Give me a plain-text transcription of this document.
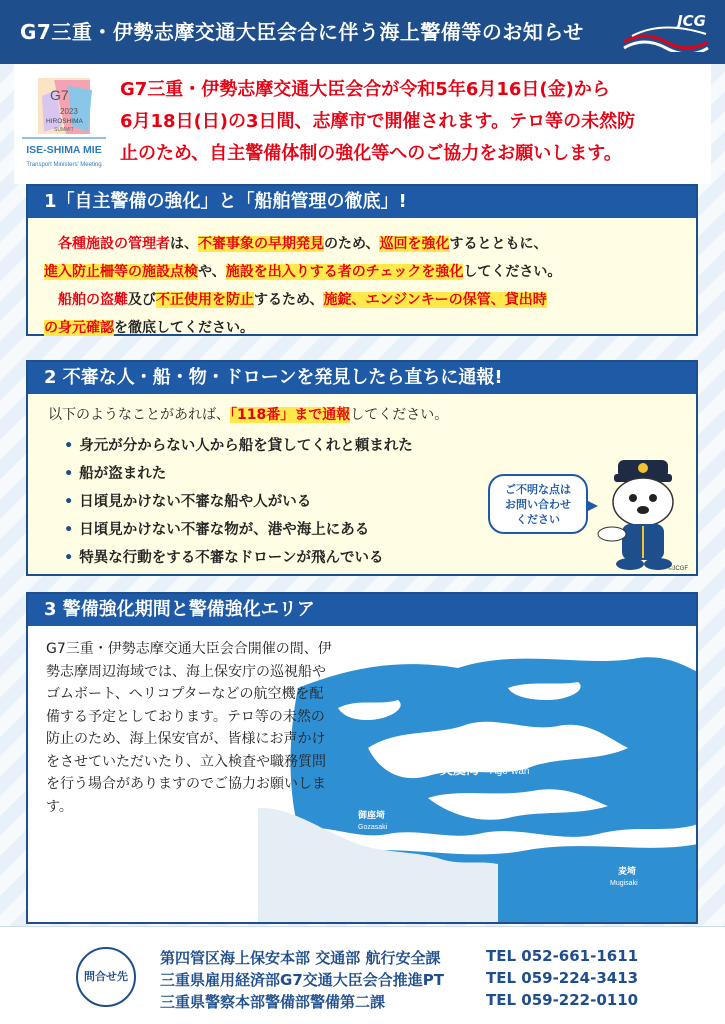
G7三重・伊勢志摩交通大臣会合に伴う海上警備等のお知らせ	JCG
G7
2023
HIROSHIMA
SUMMIT
ISE-SHIMA MIE
Transport Ministers' Meeting
G7三重・伊勢志摩交通大臣会合が令和5年6月16日(金)から
6月18日(日)の3日間、志摩市で開催されます。テロ等の未然防
止のため、自主警備体制の強化等へのご協力をお願いします。
1「自主警備の強化」と「船舶管理の徹底」!
各種施設の管理者は、不審事象の早期発見のため、巡回を強化するとともに、
進入防止柵等の施設点検や、施設を出入りする者のチェックを強化してください。
船舶の盗難及び不正使用を防止するため、施錠、エンジンキーの保管、貸出時
の身元確認を徹底してください。
2 不審な人・船・物・ドローンを発見したら直ちに通報!
以下のようなことがあれば、「118番」まで通報してください。
• 身元が分からない人から船を貸してくれと頼まれた
• 船が盗まれた
• 日頃見かけない不審な船や人がいる
• 日頃見かけない不審な物が、港や海上にある
• 特異な行動をする不審なドローンが飛んでいる
ご不明な点は
お問い合わせ
ください
©JCGF
3 警備強化期間と警備強化エリア
英虞湾 Ago-wan
御座埼
Gozasaki
麦埼
Mugisaki
G7三重・伊勢志摩交通大臣会合開催の間、伊勢志摩周辺海域では、海上保安庁の巡視船やゴムボート、ヘリコプターなどの航空機を配備する予定としております。テロ等の未然の防止のため、海上保安官が、皆様にお声かけをさせていただいたり、立入検査や職務質問を行う場合がありますのでご協力お願いします。
問合せ先
第四管区海上保安本部 交通部 航行安全課	TEL 052-661-1611
三重県雇用経済部G7交通大臣会合推進PT	TEL 059-224-3413
三重県警察本部警備部警備第二課	TEL 059-222-0110
